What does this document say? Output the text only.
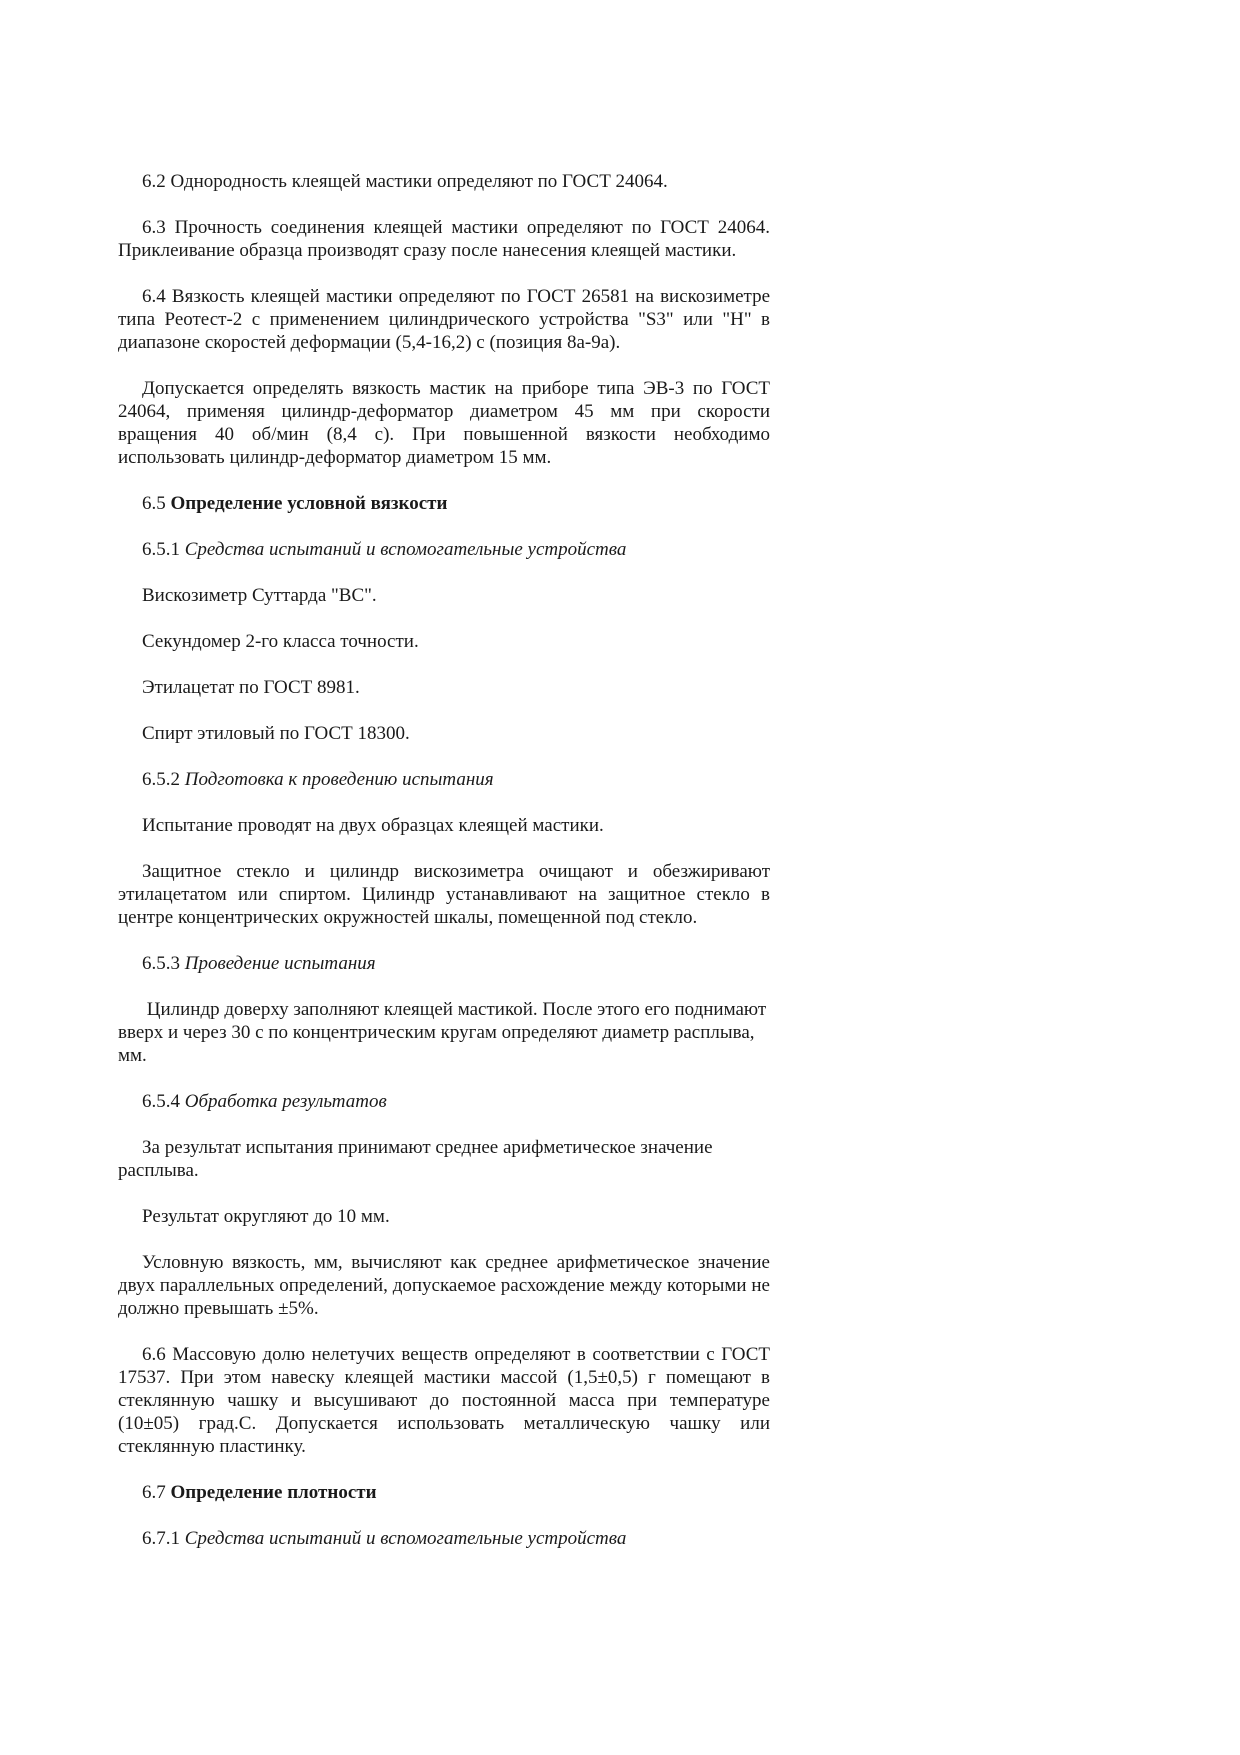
6.2 Однородность клеящей мастики определяют по ГОСТ 24064.

6.3 Прочность соединения клеящей мастики определяют по ГОСТ 24064. Приклеивание образца производят сразу после нанесения клеящей мастики.

6.4 Вязкость клеящей мастики определяют по ГОСТ 26581 на вискозиметре типа Реотест-2 с применением цилиндрического устройства "S3" или "H" в диапазоне скоростей деформации (5,4-16,2) с (позиция 8а-9а).

Допускается определять вязкость мастик на приборе типа ЭВ-3 по ГОСТ 24064, применяя цилиндр-деформатор диаметром 45 мм при скорости вращения 40 об/мин (8,4 с). При повышенной вязкости необходимо использовать цилиндр-деформатор диаметром 15 мм.

6.5 Определение условной вязкости

6.5.1 Средства испытаний и вспомогательные устройства

Вискозиметр Суттарда "ВС".

Секундомер 2-го класса точности.

Этилацетат по ГОСТ 8981.

Спирт этиловый по ГОСТ 18300.

6.5.2 Подготовка к проведению испытания

Испытание проводят на двух образцах клеящей мастики.

Защитное стекло и цилиндр вискозиметра очищают и обезжиривают этилацетатом или спиртом. Цилиндр устанавливают на защитное стекло в центре концентрических окружностей шкалы, помещенной под стекло.

6.5.3 Проведение испытания

Цилиндр доверху заполняют клеящей мастикой. После этого его поднимают вверх и через 30 с по концентрическим кругам определяют диаметр расплыва, мм.

6.5.4 Обработка результатов

За результат испытания принимают среднее арифметическое значение расплыва.

Результат округляют до 10 мм.

Условную вязкость, мм, вычисляют как среднее арифметическое значение двух параллельных определений, допускаемое расхождение между которыми не должно превышать ±5%.

6.6 Массовую долю нелетучих веществ определяют в соответствии с ГОСТ 17537. При этом навеску клеящей мастики массой (1,5±0,5) г помещают в стеклянную чашку и высушивают до постоянной масса при температуре (10±05) град.С. Допускается использовать металлическую чашку или стеклянную пластинку.

6.7 Определение плотности

6.7.1 Средства испытаний и вспомогательные устройства
